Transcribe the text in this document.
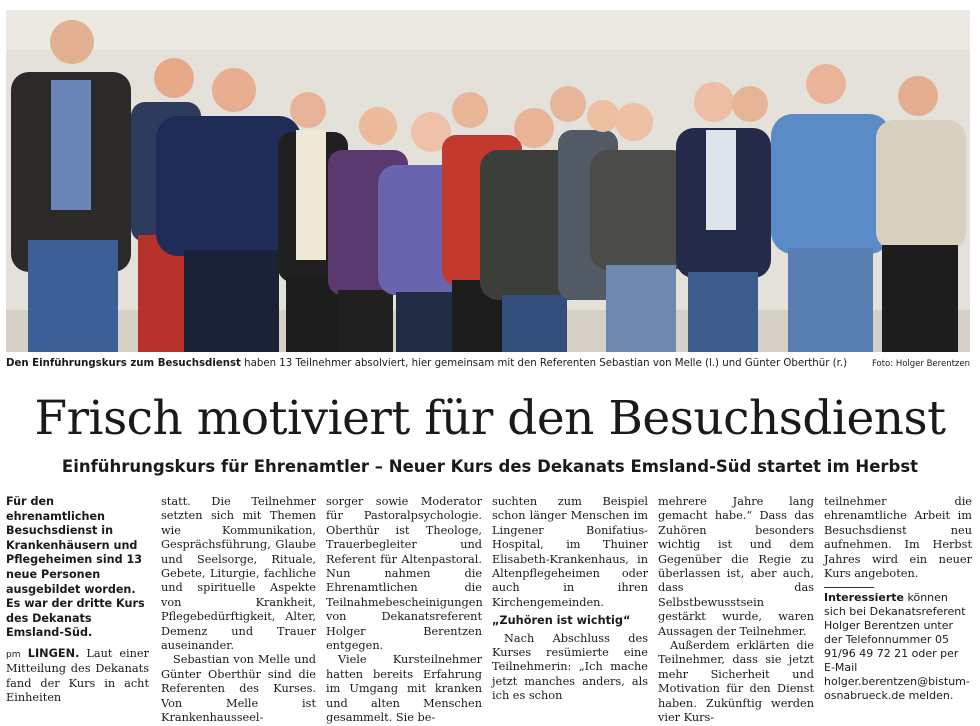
Den Einführungskurs zum Besuchsdienst haben 13 Teilnehmer absolviert, hier gemeinsam mit den Referenten Sebastian von Melle (l.) und Günter Oberthür (r.)	Foto: Holger Berentzen
Frisch motiviert für den Besuchsdienst
Einführungskurs für Ehrenamtler – Neuer Kurs des Dekanats Emsland-Süd startet im Herbst

Für den ehrenamtlichen Besuchsdienst in Krankenhäusern und Pflegeheimen sind 13 neue Personen ausgebildet worden. Es war der dritte Kurs des Dekanats Emsland-Süd.

pm LINGEN. Laut einer Mitteilung des Dekanats fand der Kurs in acht Einheiten

statt. Die Teilnehmer setzten sich mit Themen wie Kommunikation, Gesprächsführung, Glaube und Seelsorge, Rituale, Gebete, Liturgie, fachliche und spirituelle Aspekte von Krankheit, Pflegebedürftigkeit, Alter, Demenz und Trauer auseinander.

Sebastian von Melle und Günter Oberthür sind die Referenten des Kurses. Von Melle ist Krankenhausseel-

sorger sowie Moderator für Pastoralpsychologie. Oberthür ist Theologe, Trauerbegleiter und Referent für Altenpastoral. Nun nahmen die Ehrenamtlichen die Teilnahmebescheinigungen von Dekanatsreferent Holger Berentzen entgegen.

Viele Kursteilnehmer hatten bereits Erfahrung im Umgang mit kranken und alten Menschen gesammelt. Sie be-

suchten zum Beispiel schon länger Menschen im Lingener Bonifatius-Hospital, im Thuiner Elisabeth-Krankenhaus, in Altenpflegeheimen oder auch in ihren Kirchengemeinden.

„Zuhören ist wichtig“

Nach Abschluss des Kurses resümierte eine Teilnehmerin: „Ich mache jetzt manches anders, als ich es schon

mehrere Jahre lang gemacht habe.“ Dass das Zuhören besonders wichtig ist und dem Gegenüber die Regie zu überlassen ist, aber auch, dass das Selbstbewusstsein gestärkt wurde, waren Aussagen der Teilnehmer.

Außerdem erklärten die Teilnehmer, dass sie jetzt mehr Sicherheit und Motivation für den Dienst haben. Zukünftig werden vier Kurs-

teilnehmer die ehrenamtliche Arbeit im Besuchsdienst neu aufnehmen. Im Herbst Jahres wird ein neuer Kurs angeboten.

Interessierte können sich bei Dekanatsreferent Holger Berentzen unter der Telefonnummer 05 91/96 49 72 21 oder per E-Mail holger.berentzen@bistum-osnabrueck.de melden.
